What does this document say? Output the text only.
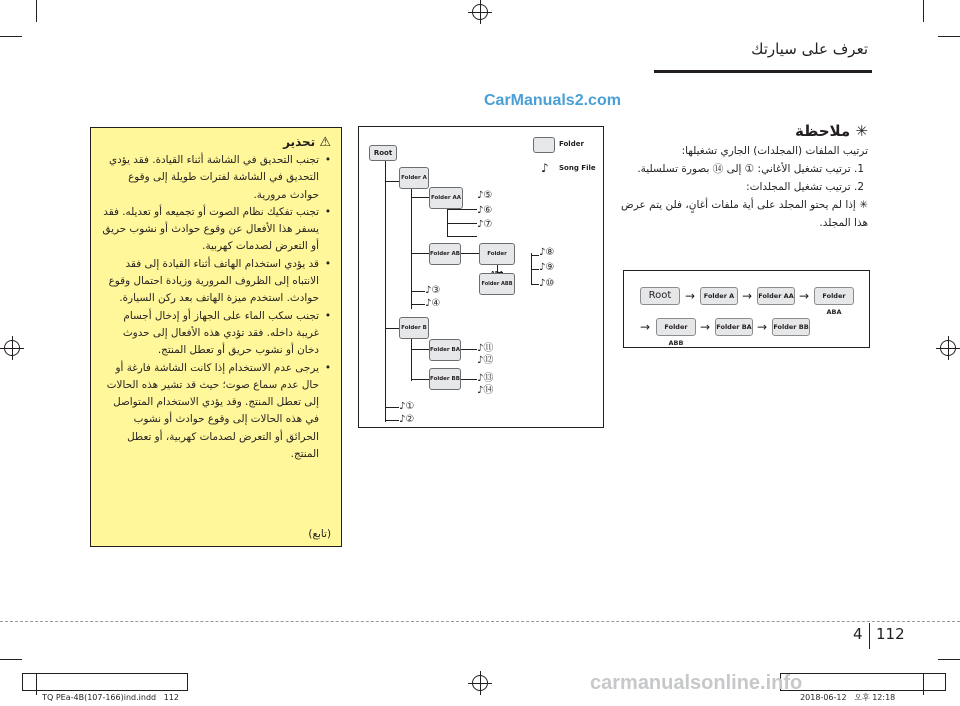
تعرف على سيارتك
CarManuals2.com
✳ ملاحظة
ترتيب الملفات (المجلدات) الجاري تشغيلها:
1. ترتيب تشغيل الأغاني: ① إلى ⑭ بصورة تسلسلية.
2. ترتيب تشغيل المجلدات:
✳ إذا لم يحتو المجلد على أية ملفات أغانٍ، فلن يتم عرض هذا المجلد.
Root	→	Folder A → Folder AA →	Folder ABA
→	Folder ABB
→ Folder BA → Folder BB
Folder
♪ Song File
Root
Folder A
Folder AA
Folder AB	Folder
Folder ABB
Folder B
Folder BA
Folder BB
♪⑤
♪⑥
♪⑦
♪⑧
♪⑨
♪⑩
♪③
♪④
♪⑪
♪⑫
♪⑬
♪⑭
♪①
♪②
⚠ تحذير
• تجنب التحديق في الشاشة أثناء القيادة. فقد يؤدي التحديق في الشاشة لفترات طويلة إلى وقوع حوادث مرورية.
• تجنب تفكيك نظام الصوت أو تجميعه أو تعديله. فقد يسفر هذا الأفعال عن وقوع حوادث أو نشوب حريق أو التعرض لصدمات كهربية.
• قد يؤدي استخدام الهاتف أثناء القيادة إلى فقد الانتباه إلى الظروف المرورية وزيادة احتمال وقوع حوادث. استخدم ميزة الهاتف بعد ركن السيارة.
• تجنب سكب الماء على الجهاز أو إدخال أجسام غريبة داخله. فقد تؤدي هذه الأفعال إلى حدوث دخان أو نشوب حريق أو تعطل المنتج.
• يرجى عدم الاستخدام إذا كانت الشاشة فارغة أو حال عدم سماع صوت؛ حيث قد تشير هذه الحالات إلى تعطل المنتج. وقد يؤدي الاستخدام المتواصل في هذه الحالات إلى وقوع حوادث أو نشوب الحرائق أو التعرض لصدمات كهربية، أو تعطل المنتج.
(تابع)
4 112

TQ PEa-4B(107-166)ind.indd   112	2018-06-12   오후 12:18

carmanualsonline.info
